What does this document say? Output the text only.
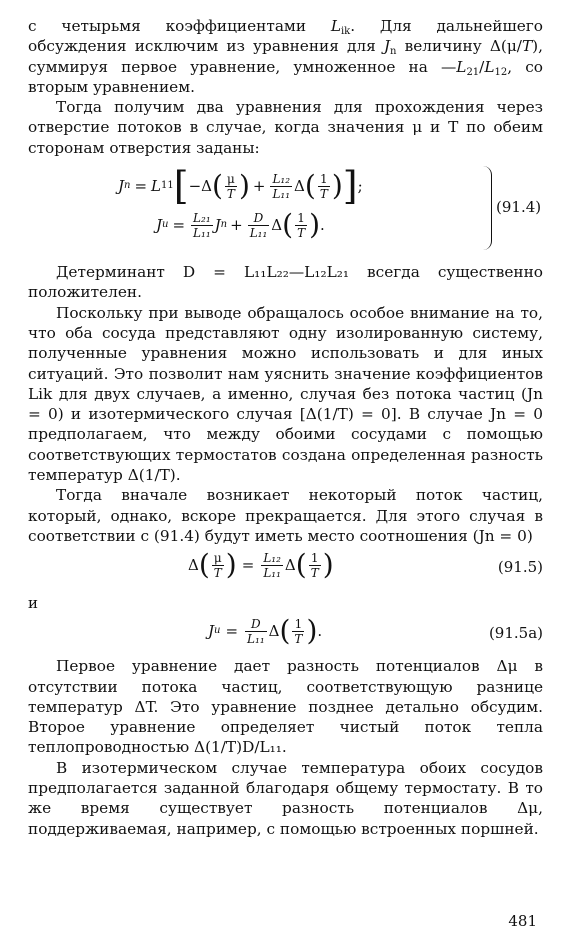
с четырьмя коэффициентами $L_{ik}$. Для дальнейшего обсуждения исключим из уравнения для $J_n$ величину Δ(μ/T), суммируя первое уравнение, умноженное на $—L_{21}/L_{12}$, со вторым уравнением.

Тогда получим два уравнения для прохождения через отверстие потоков в случае, когда значения μ и T по обеим сторонам отверстия заданы:

J n = L 11 [ −Δ ( $\frac{\mu}{T}$ ) + $\frac{\text{L₁₂}}{\text{L₁₁}}$ Δ ( $\frac{1}{T}$ ) ] ;
J $u = \frac{\text{L₂₁}}{\text{L₁₁}}$ J $n + \frac{D}{\text{L₁₁}}$ Δ ( $\frac{1}{T}$ ) .
(91.4)

Детерминант D = L₁₁L₂₂—L₁₂L₂₁ всегда существенно положителен.

Поскольку при выводе обращалось особое внимание на то, что оба сосуда представляют одну изолированную систему, полученные уравнения можно использовать и для иных ситуаций. Это позволит нам уяснить значение коэффициентов Lik для двух случаев, а именно, случая без потока частиц (Jn = 0) и изотермического случая [Δ(1/T) = 0]. В случае Jn = 0 предполагаем, что между обоими сосудами с помощью соответствующих термостатов создана определенная разность температур Δ(1/T).

Тогда вначале возникает некоторый поток частиц, который, однако, вскоре прекращается. Для этого случая в соответствии с (91.4) будут иметь место соотношения (Jn = 0)

Δ ( $\frac{\mu}{T}$ ) = $\frac{\text{L₁₂}}{\text{L₁₁}}$ Δ ( $\frac{1}{T}$ )	(91.5)
и
J $u = \frac{D}{\text{L₁₁}}$ Δ ( $\frac{1}{T}$ ) .	(91.5a)

Первое уравнение дает разность потенциалов Δμ в отсутствии потока частиц, соответствующую разнице температур ΔT. Это уравнение позднее детально обсудим. Второе уравнение определяет чистый поток тепла теплопроводностью Δ(1/T)D/L₁₁.

В изотермическом случае температура обоих сосудов предполагается заданной благодаря общему термостату. В то же время существует разность потенциалов Δμ, поддерживаемая, например, с помощью встроенных поршней.

481
